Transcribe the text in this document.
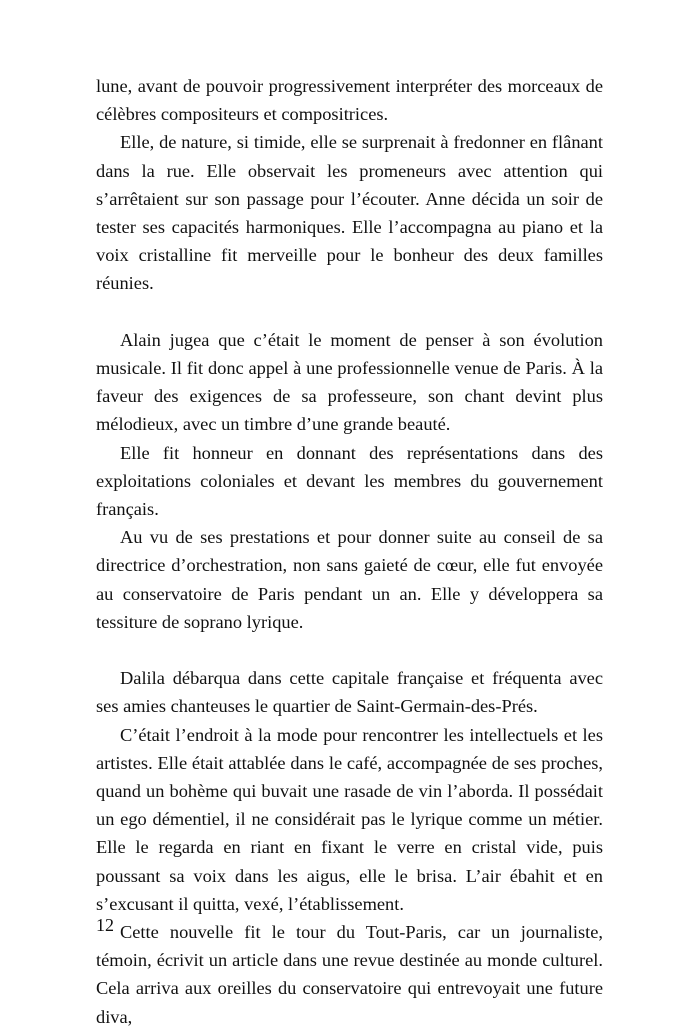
lune, avant de pouvoir progressivement interpréter des morceaux de célèbres compositeurs et compositrices.

Elle, de nature, si timide, elle se surprenait à fredonner en flânant dans la rue. Elle observait les promeneurs avec attention qui s’arrêtaient sur son passage pour l’écouter. Anne décida un soir de tester ses capacités harmoniques. Elle l’accompagna au piano et la voix cristalline fit merveille pour le bonheur des deux familles réunies.

Alain jugea que c’était le moment de penser à son évolution musicale. Il fit donc appel à une professionnelle venue de Paris. À la faveur des exigences de sa professeure, son chant devint plus mélodieux, avec un timbre d’une grande beauté.

Elle fit honneur en donnant des représentations dans des exploitations coloniales et devant les membres du gouvernement français.

Au vu de ses prestations et pour donner suite au conseil de sa directrice d’orchestration, non sans gaieté de cœur, elle fut envoyée au conservatoire de Paris pendant un an. Elle y développera sa tessiture de soprano lyrique.

Dalila débarqua dans cette capitale française et fréquenta avec ses amies chanteuses le quartier de Saint-Germain-des-Prés.

C’était l’endroit à la mode pour rencontrer les intellectuels et les artistes. Elle était attablée dans le café, accompagnée de ses proches, quand un bohème qui buvait une rasade de vin l’aborda. Il possédait un ego démentiel, il ne considérait pas le lyrique comme un métier. Elle le regarda en riant en fixant le verre en cristal vide, puis poussant sa voix dans les aigus, elle le brisa. L’air ébahit et en s’excusant il quitta, vexé, l’établissement.

Cette nouvelle fit le tour du Tout-Paris, car un journaliste, témoin, écrivit un article dans une revue destinée au monde culturel. Cela arriva aux oreilles du conservatoire qui entrevoyait une future diva,

12
